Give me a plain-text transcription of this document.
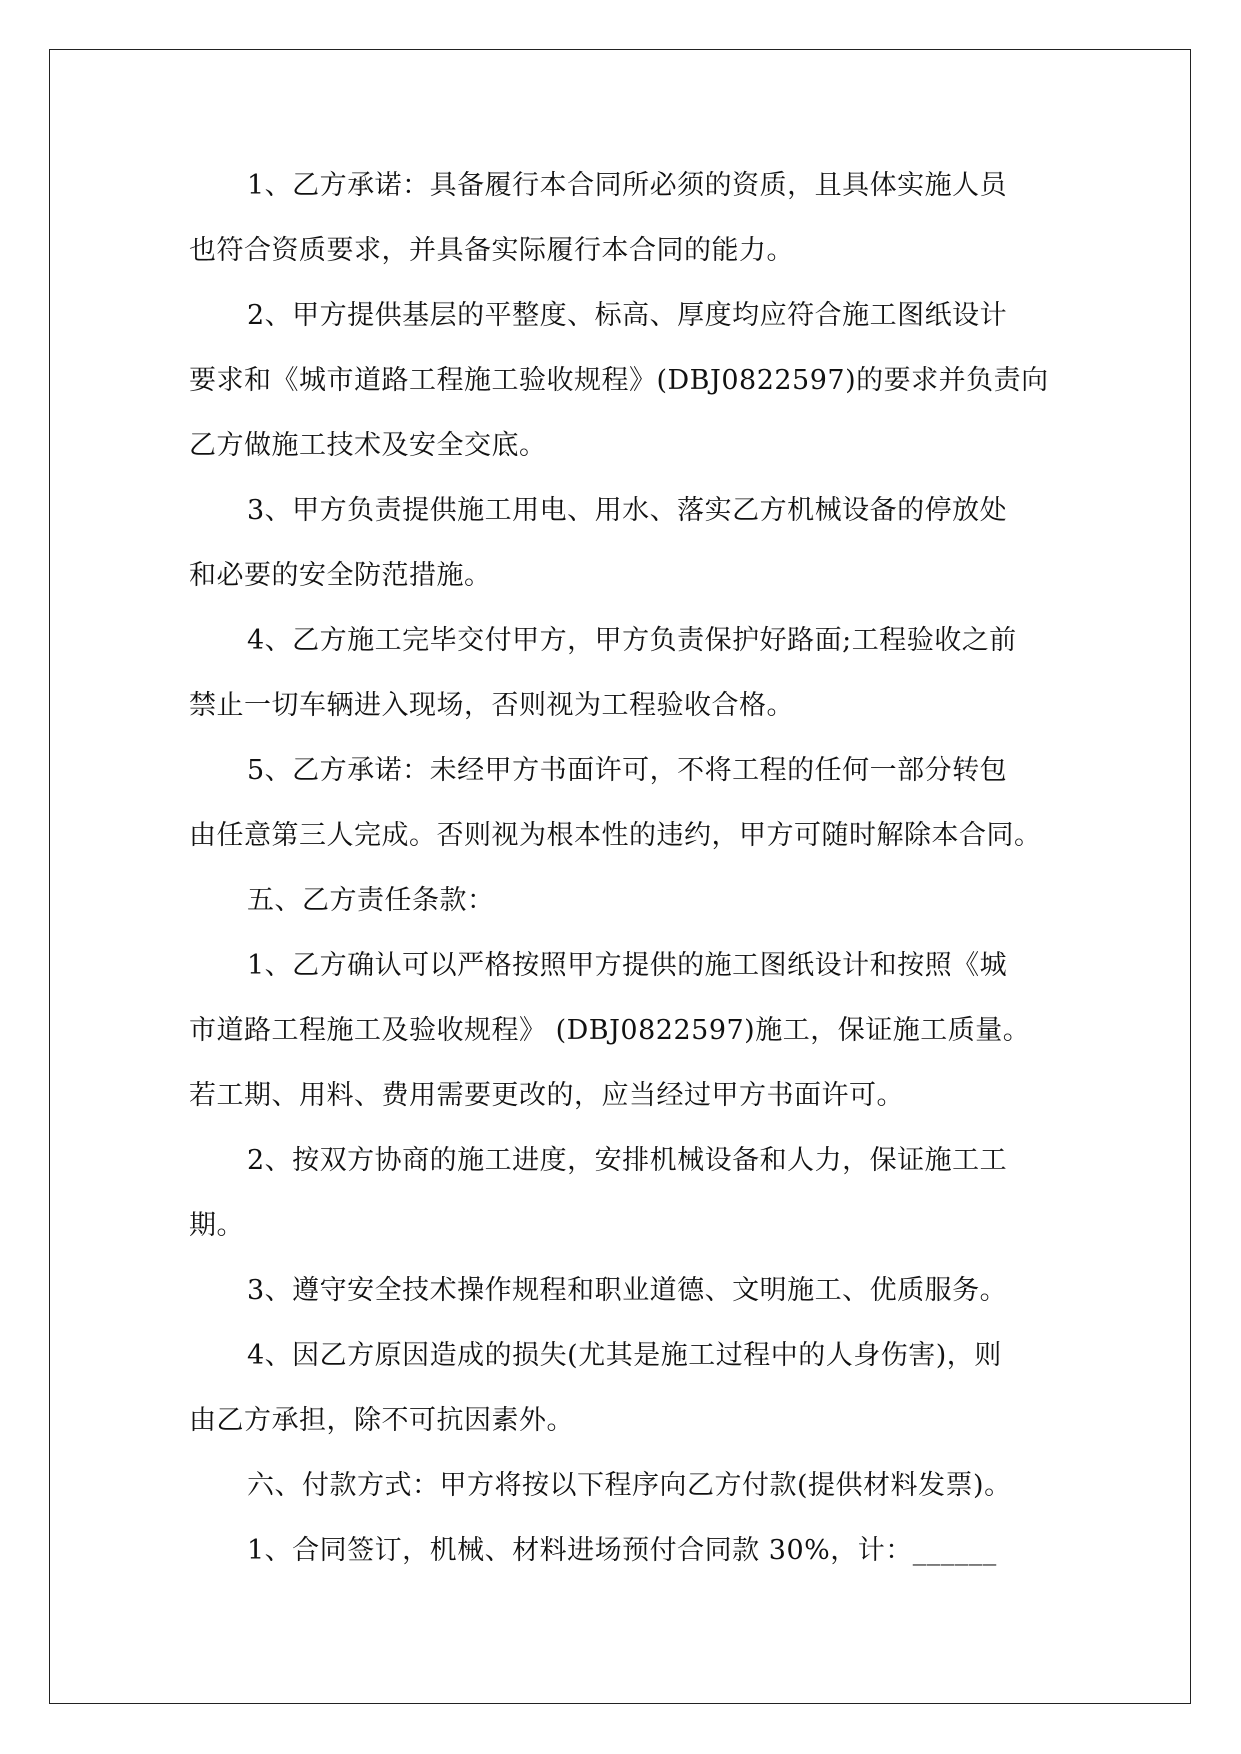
1、乙方承诺：具备履行本合同所必须的资质，且具体实施人员
也符合资质要求，并具备实际履行本合同的能力。
2、甲方提供基层的平整度、标高、厚度均应符合施工图纸设计
要求和《城市道路工程施工验收规程》(DBJ0822597)的要求并负责向
乙方做施工技术及安全交底。
3、甲方负责提供施工用电、用水、落实乙方机械设备的停放处
和必要的安全防范措施。
4、乙方施工完毕交付甲方，甲方负责保护好路面;工程验收之前
禁止一切车辆进入现场，否则视为工程验收合格。
5、乙方承诺：未经甲方书面许可，不将工程的任何一部分转包
由任意第三人完成。否则视为根本性的违约，甲方可随时解除本合同。
五、乙方责任条款：
1、乙方确认可以严格按照甲方提供的施工图纸设计和按照《城
市道路工程施工及验收规程》 (DBJ0822597)施工，保证施工质量。
若工期、用料、费用需要更改的，应当经过甲方书面许可。
2、按双方协商的施工进度，安排机械设备和人力，保证施工工
期。
3、遵守安全技术操作规程和职业道德、文明施工、优质服务。
4、因乙方原因造成的损失(尤其是施工过程中的人身伤害)，则
由乙方承担，除不可抗因素外。
六、付款方式：甲方将按以下程序向乙方付款(提供材料发票)。
1、合同签订，机械、材料进场预付合同款 30%，计：______
